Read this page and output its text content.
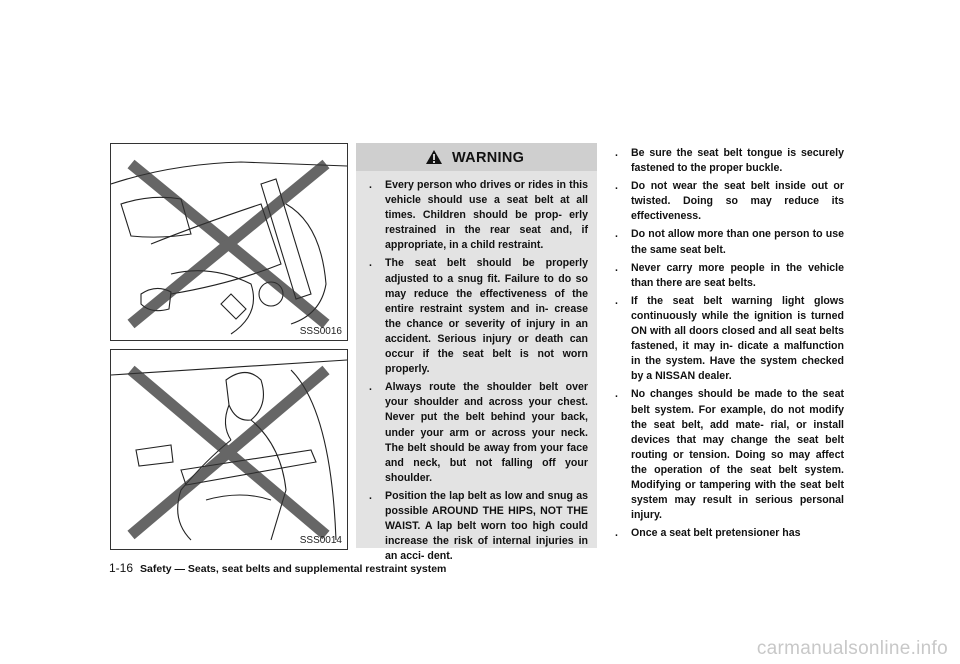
SSS0016
SSS0014
WARNING
. Every person who drives or rides in this vehicle should use a seat belt at all times. Children should be prop- erly restrained in the rear seat and, if appropriate, in a child restraint.
. The seat belt should be properly adjusted to a snug fit. Failure to do so may reduce the effectiveness of the entire restraint system and in- crease the chance or severity of injury in an accident. Serious injury or death can occur if the seat belt is not worn properly.
. Always route the shoulder belt over your shoulder and across your chest. Never put the belt behind your back, under your arm or across your neck. The belt should be away from your face and neck, but not falling off your shoulder.
. Position the lap belt as low and snug as possible AROUND THE HIPS, NOT THE WAIST. A lap belt worn too high could increase the risk of internal injuries in an acci- dent.
. Be sure the seat belt tongue is securely fastened to the proper buckle.
. Do not wear the seat belt inside out or twisted. Doing so may reduce its effectiveness.
. Do not allow more than one person to use the same seat belt.
. Never carry more people in the vehicle than there are seat belts.
. If the seat belt warning light glows continuously while the ignition is turned ON with all doors closed and all seat belts fastened, it may in- dicate a malfunction in the system. Have the system checked by a NISSAN dealer.
. No changes should be made to the seat belt system. For example, do not modify the seat belt, add mate- rial, or install devices that may change the seat belt routing or tension. Doing so may affect the operation of the seat belt system. Modifying or tampering with the seat belt system may result in serious personal injury.
. Once a seat belt pretensioner has
1-16 Safety — Seats, seat belts and supplemental restraint system
carmanualsonline.info
